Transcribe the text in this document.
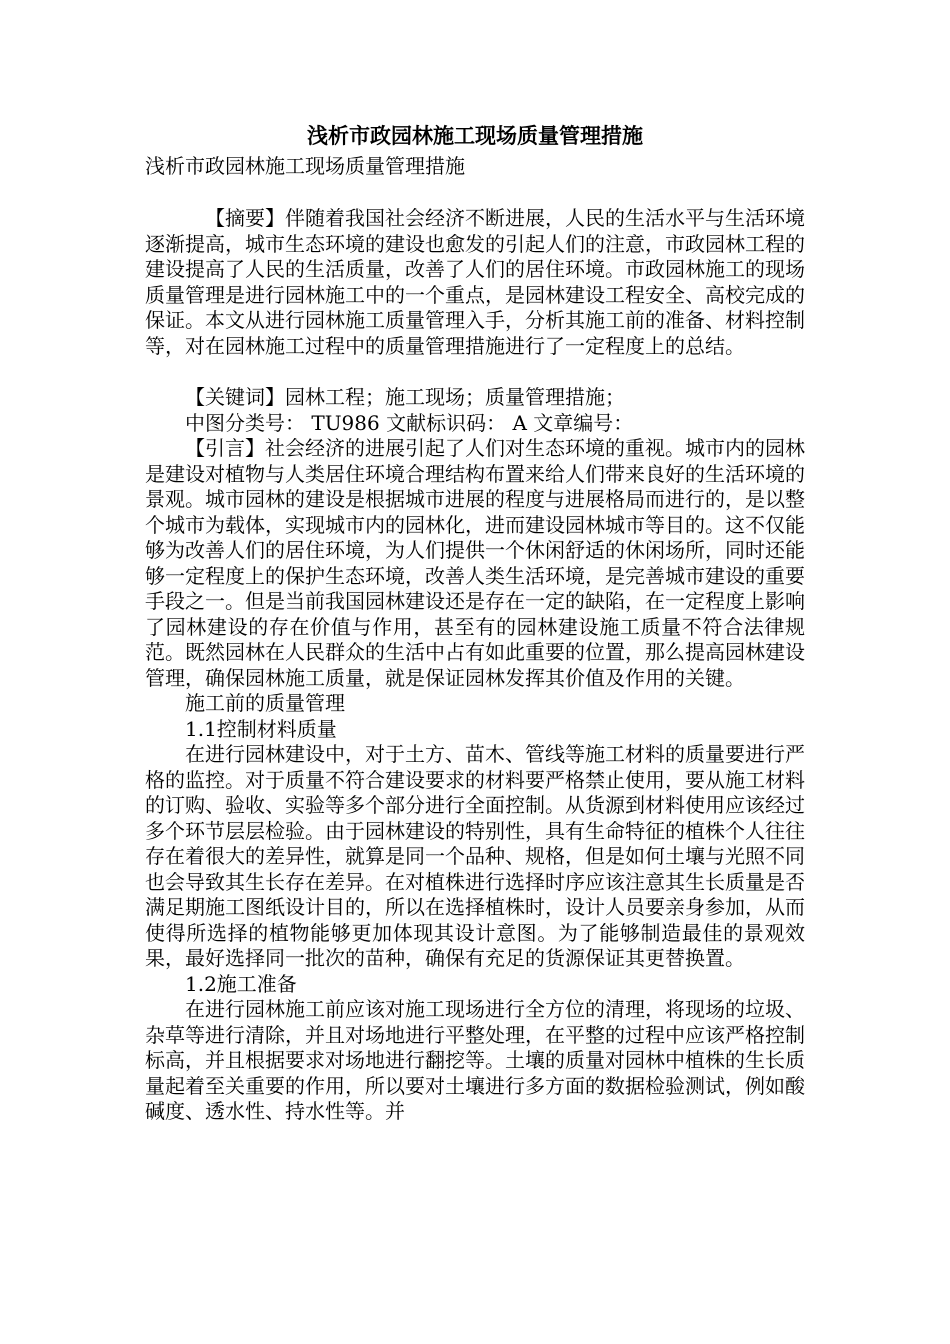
浅析市政园林施工现场质量管理措施

浅析市政园林施工现场质量管理措施

【摘要】伴随着我国社会经济不断进展，人民的生活水平与生活环境逐渐提高，城市生态环境的建设也愈发的引起人们的注意，市政园林工程的建设提高了人民的生活质量，改善了人们的居住环境。市政园林施工的现场质量管理是进行园林施工中的一个重点，是园林建设工程安全、高校完成的保证。本文从进行园林施工质量管理入手，分析其施工前的准备、材料控制等，对在园林施工过程中的质量管理措施进行了一定程度上的总结。

【关键词】园林工程；施工现场；质量管理措施；

中图分类号： TU986 文献标识码： A 文章编号：

【引言】社会经济的进展引起了人们对生态环境的重视。城市内的园林是建设对植物与人类居住环境合理结构布置来给人们带来良好的生活环境的景观。城市园林的建设是根据城市进展的程度与进展格局而进行的，是以整个城市为载体，实现城市内的园林化，进而建设园林城市等目的。这不仅能够为改善人们的居住环境，为人们提供一个休闲舒适的休闲场所，同时还能够一定程度上的保护生态环境，改善人类生活环境，是完善城市建设的重要手段之一。但是当前我国园林建设还是存在一定的缺陷，在一定程度上影响了园林建设的存在价值与作用，甚至有的园林建设施工质量不符合法律规范。既然园林在人民群众的生活中占有如此重要的位置，那么提高园林建设管理，确保园林施工质量，就是保证园林发挥其价值及作用的关键。

施工前的质量管理

1.1控制材料质量

在进行园林建设中，对于土方、苗木、管线等施工材料的质量要进行严格的监控。对于质量不符合建设要求的材料要严格禁止使用，要从施工材料的订购、验收、实验等多个部分进行全面控制。从货源到材料使用应该经过多个环节层层检验。由于园林建设的特别性，具有生命特征的植株个人往往存在着很大的差异性，就算是同一个品种、规格，但是如何土壤与光照不同也会导致其生长存在差异。在对植株进行选择时序应该注意其生长质量是否满足期施工图纸设计目的，所以在选择植株时，设计人员要亲身参加，从而使得所选择的植物能够更加体现其设计意图。为了能够制造最佳的景观效果，最好选择同一批次的苗种，确保有充足的货源保证其更替换置。

1.2施工准备

在进行园林施工前应该对施工现场进行全方位的清理，将现场的垃圾、杂草等进行清除，并且对场地进行平整处理，在平整的过程中应该严格控制标高，并且根据要求对场地进行翻挖等。土壤的质量对园林中植株的生长质量起着至关重要的作用，所以要对土壤进行多方面的数据检验测试，例如酸碱度、透水性、持水性等。并
